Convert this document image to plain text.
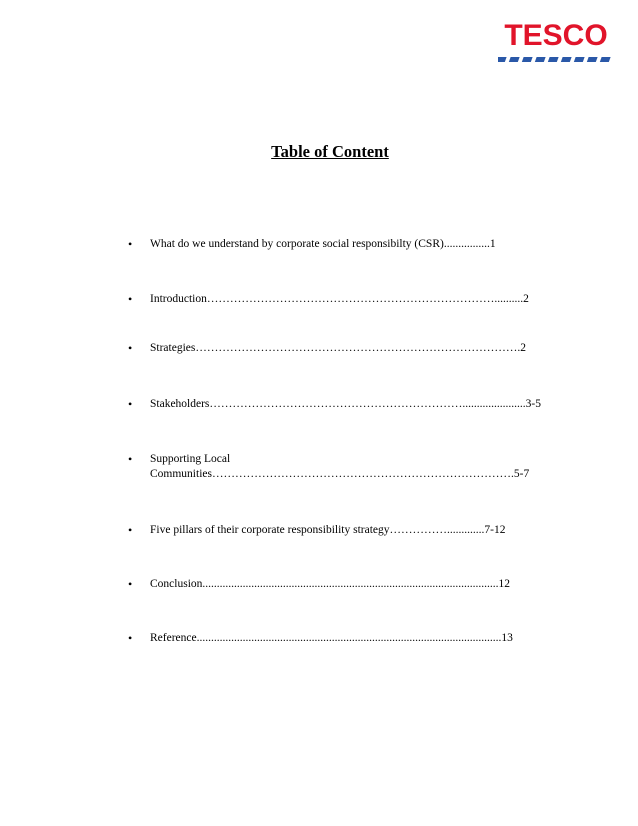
TESCO
Table of Content
• What do we understand by corporate social responsibilty (CSR)................1
• Introduction…………………………………………………………………..........2
• Strategies………………………………………………………………………….2
• Stakeholders…………………………………………………………......................3-5
• Supporting Local
Communities…………………………………………………………………….5-7
• Five pillars of their corporate responsibility strategy…………….............7-12
• Conclusion.......................................................................................................12
• Reference..........................................................................................................13
